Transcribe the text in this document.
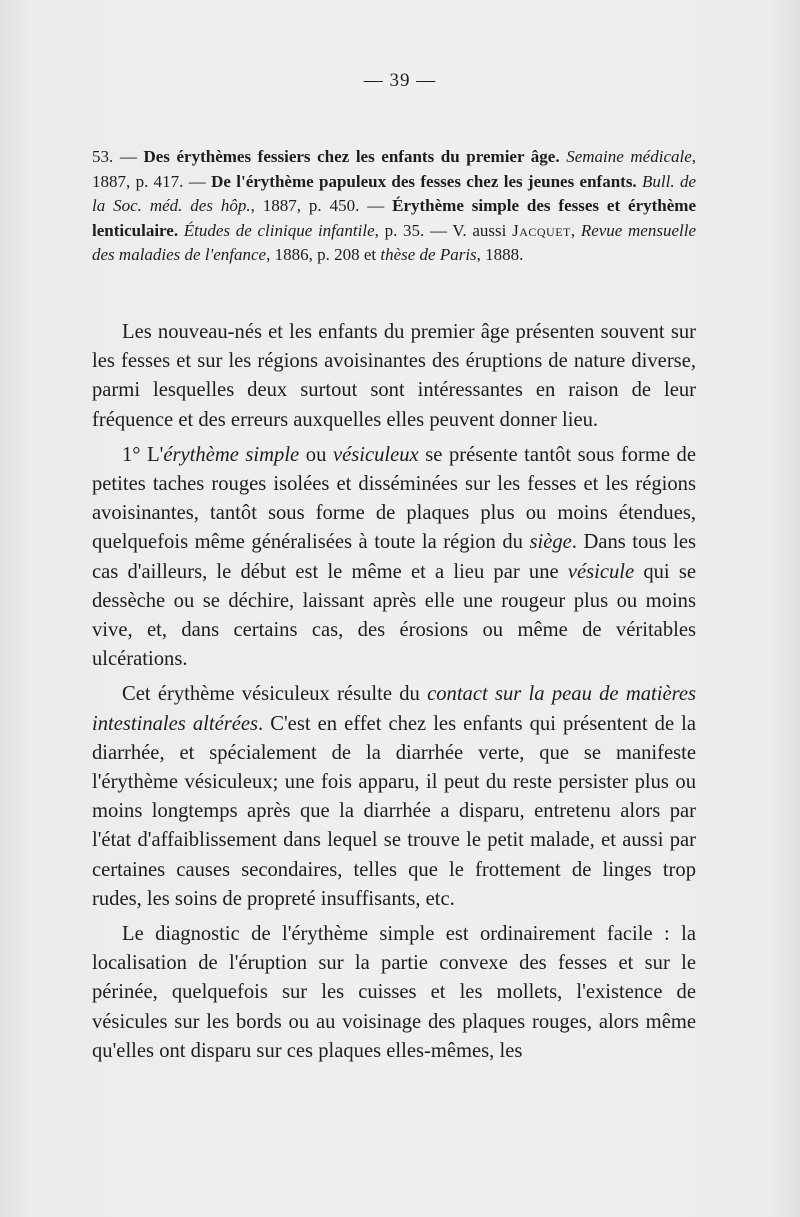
— 39 —

53. — Des érythèmes fessiers chez les enfants du premier âge. Semaine médicale, 1887, p. 417. — De l'érythème papuleux des fesses chez les jeunes enfants. Bull. de la Soc. méd. des hôp., 1887, p. 450. — Érythème simple des fesses et érythème lenticulaire. Études de clinique infantile, p. 35. — V. aussi Jacquet, Revue mensuelle des maladies de l'enfance, 1886, p. 208 et thèse de Paris, 1888.

Les nouveau-nés et les enfants du premier âge présenten souvent sur les fesses et sur les régions avoisinantes des éruptions de nature diverse, parmi lesquelles deux surtout sont intéressantes en raison de leur fréquence et des erreurs auxquelles elles peuvent donner lieu.

1° L'érythème simple ou vésiculeux se présente tantôt sous forme de petites taches rouges isolées et disséminées sur les fesses et les régions avoisinantes, tantôt sous forme de plaques plus ou moins étendues, quelquefois même généralisées à toute la région du siège. Dans tous les cas d'ailleurs, le début est le même et a lieu par une vésicule qui se dessèche ou se déchire, laissant après elle une rougeur plus ou moins vive, et, dans certains cas, des érosions ou même de véritables ulcérations.

Cet érythème vésiculeux résulte du contact sur la peau de matières intestinales altérées. C'est en effet chez les enfants qui présentent de la diarrhée, et spécialement de la diarrhée verte, que se manifeste l'érythème vésiculeux; une fois apparu, il peut du reste persister plus ou moins longtemps après que la diarrhée a disparu, entretenu alors par l'état d'affaiblissement dans lequel se trouve le petit malade, et aussi par certaines causes secondaires, telles que le frottement de linges trop rudes, les soins de propreté insuffisants, etc.

Le diagnostic de l'érythème simple est ordinairement facile : la localisation de l'éruption sur la partie convexe des fesses et sur le périnée, quelquefois sur les cuisses et les mollets, l'existence de vésicules sur les bords ou au voisinage des plaques rouges, alors même qu'elles ont disparu sur ces plaques elles-mêmes, les
